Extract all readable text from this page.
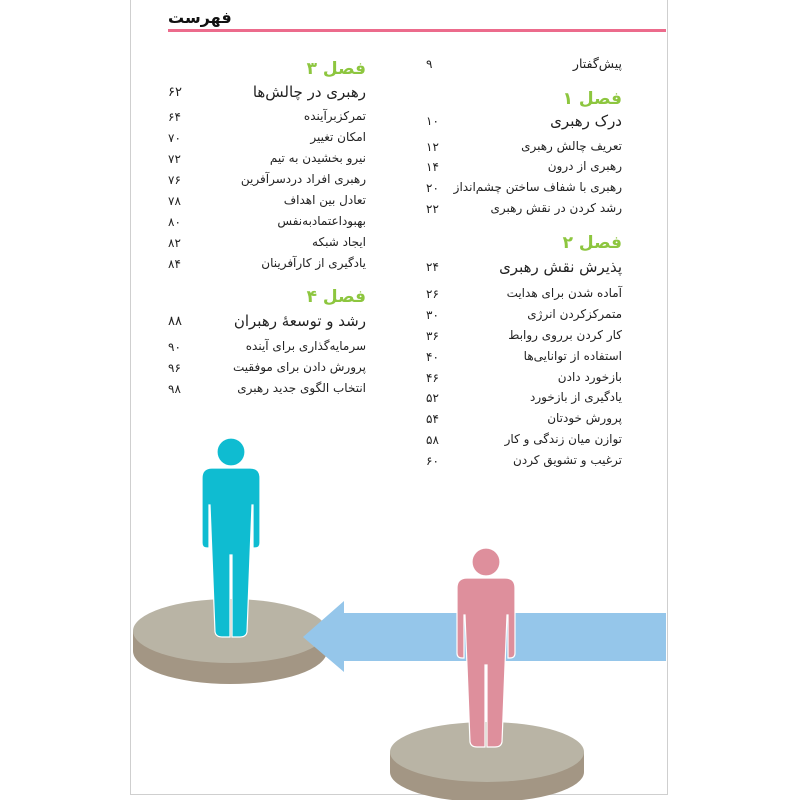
فهرست
پیش‌گفتار
۹
فصل ۱
درک رهبری
۱۰
تعریف چالش رهبری
۱۲
رهبری از درون
۱۴
رهبری با شفاف ساختن چشم‌انداز
۲۰
رشد کردن در نقش رهبری
۲۲
فصل ۲
پذیرش نقش رهبری
۲۴
آماده شدن برای هدایت
۲۶
متمرکزکردن انرژی
۳۰
کار کردن برروی روابط
۳۶
استفاده از توانایی‌ها
۴۰
بازخورد دادن
۴۶
یادگیری از بازخورد
۵۲
پرورش خودتان
۵۴
توازن میان زندگی و کار
۵۸
ترغیب و تشویق کردن
۶۰
فصل ۳
رهبری در چالش‌ها
۶۲
تمرکزبرآینده
۶۴
امکان تغییر
۷۰
نیرو بخشیدن به تیم
۷۲
رهبری افراد دردسرآفرین
۷۶
تعادل بین اهداف
۷۸
بهبوداعتمادبه‌نفس
۸۰
ایجاد شبکه
۸۲
یادگیری از کارآفرینان
۸۴
فصل ۴
رشد و توسعهٔ رهبران
۸۸
سرمایه‌گذاری برای آینده
۹۰
پرورش دادن برای موفقیت
۹۶
انتخاب الگوی جدید رهبری
۹۸
